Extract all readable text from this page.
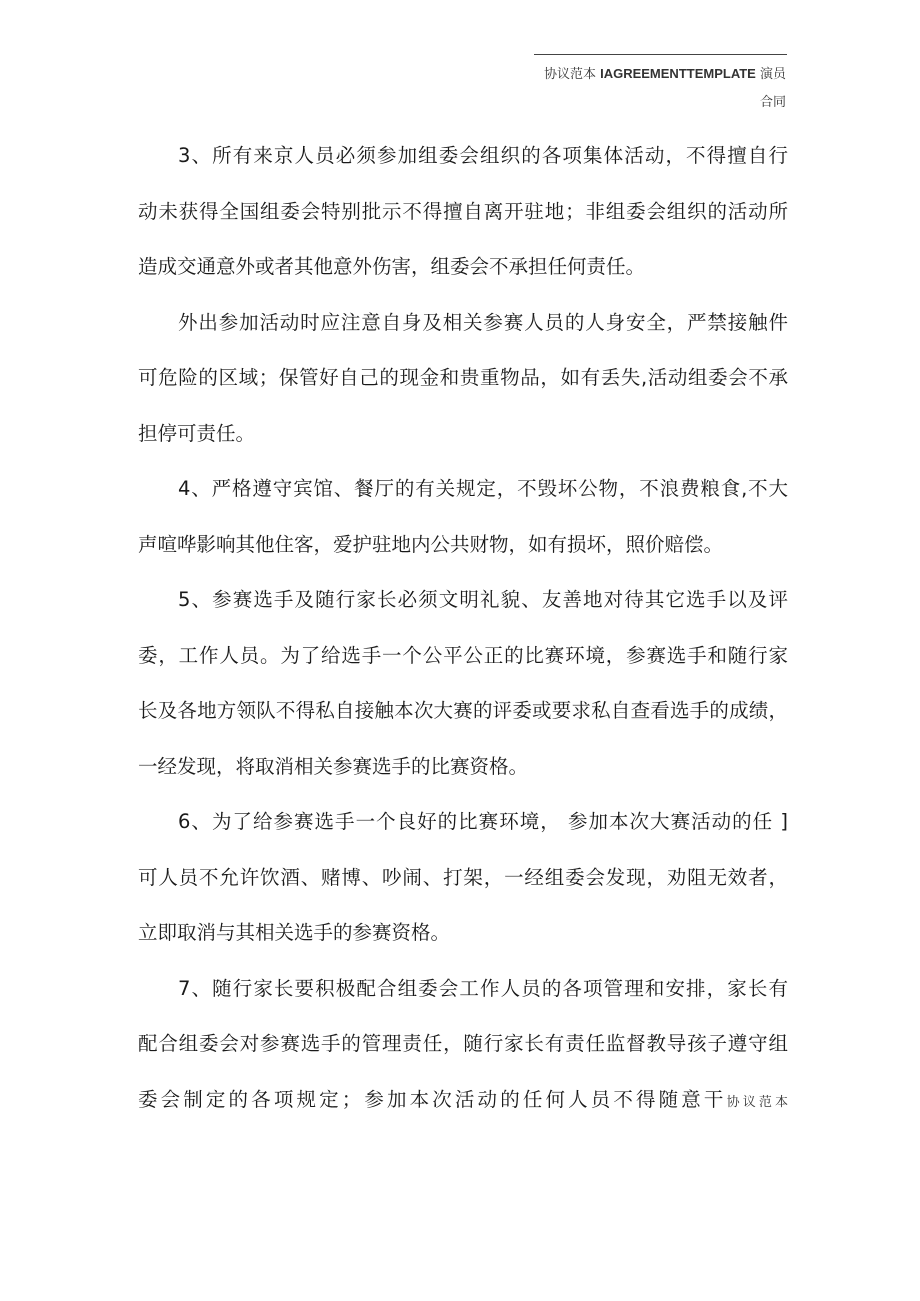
协议范本 IAGREEMENTTEMPLATE 演员
合同
3、所有来京人员必须参加组委会组织的各项集体活动，不得擅自行
动未获得全国组委会特别批示不得擅自离开驻地；非组委会组织的活动所
造成交通意外或者其他意外伤害，组委会不承担任何责任。
外出参加活动时应注意自身及相关参赛人员的人身安全，严禁接触件
可危险的区域；保管好自己的现金和贵重物品，如有丢失,活动组委会不承
担停可责任。
4、严格遵守宾馆、餐厅的有关规定，不毁坏公物，不浪费粮食,不大
声喧哗影响其他住客，爱护驻地内公共财物，如有损坏，照价赔偿。
5、参赛选手及随行家长必须文明礼貌、友善地对待其它选手以及评
委，工作人员。为了给选手一个公平公正的比赛环境，参赛选手和随行家
长及各地方领队不得私自接触本次大赛的评委或要求私自查看选手的成绩，
一经发现，将取消相关参赛选手的比赛资格。
6、为了给参赛选手一个良好的比赛环境， 参加本次大赛活动的任 ]
可人员不允许饮酒、赌博、吵闹、打架，一经组委会发现，劝阻无效者，
立即取消与其相关选手的参赛资格。
7、随行家长要积极配合组委会工作人员的各项管理和安排，家长有
配合组委会对参赛选手的管理责任，随行家长有责任监督教导孩子遵守组
委会制定的各项规定；参加本次活动的任何人员不得随意干协议范本
